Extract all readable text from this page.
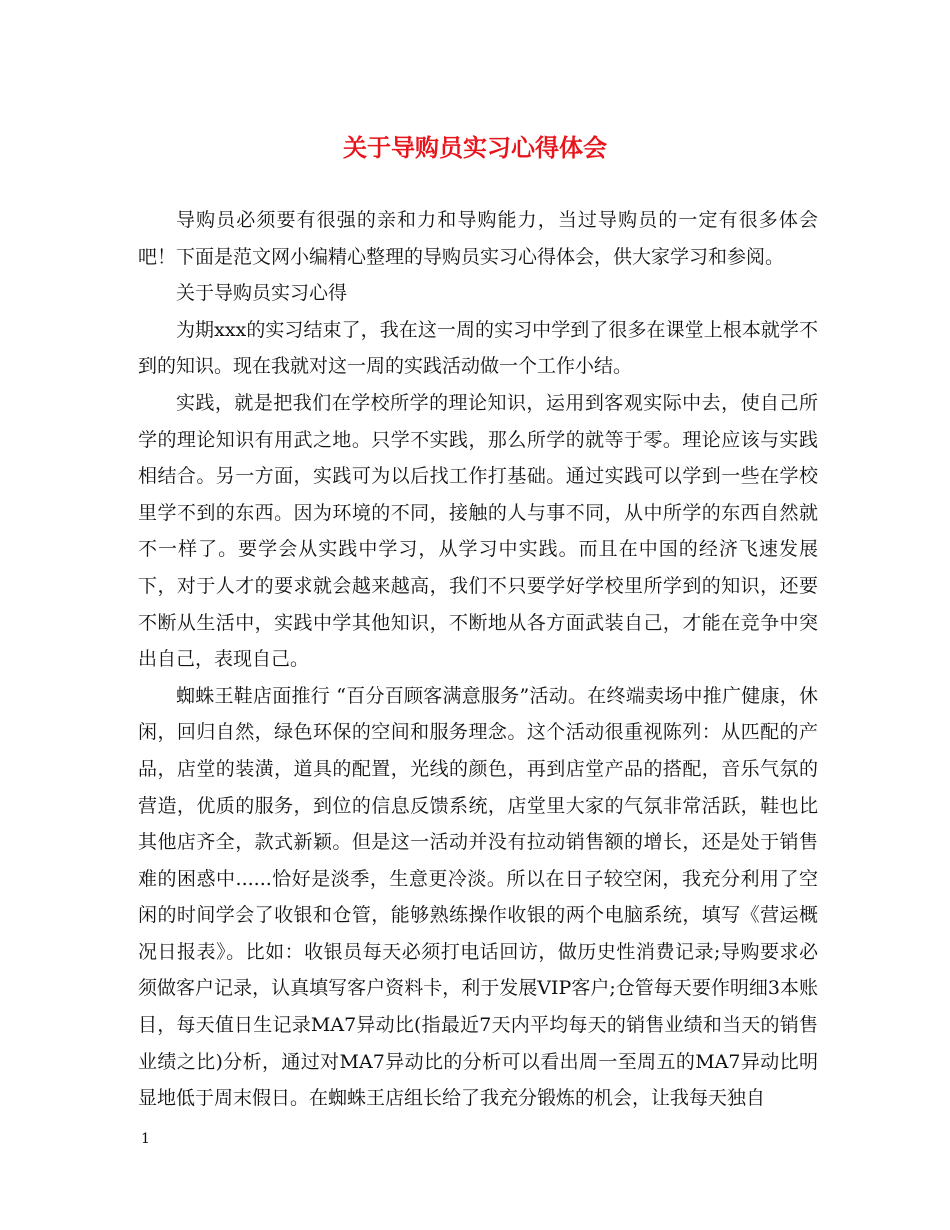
关于导购员实习心得体会

导购员必须要有很强的亲和力和导购能力，当过导购员的一定有很多体会吧！下面是范文网小编精心整理的导购员实习心得体会，供大家学习和参阅。

关于导购员实习心得

为期xxx的实习结束了，我在这一周的实习中学到了很多在课堂上根本就学不到的知识。现在我就对这一周的实践活动做一个工作小结。

实践，就是把我们在学校所学的理论知识，运用到客观实际中去，使自己所学的理论知识有用武之地。只学不实践，那么所学的就等于零。理论应该与实践相结合。另一方面，实践可为以后找工作打基础。通过实践可以学到一些在学校里学不到的东西。因为环境的不同，接触的人与事不同，从中所学的东西自然就不一样了。要学会从实践中学习，从学习中实践。而且在中国的经济飞速发展下，对于人才的要求就会越来越高，我们不只要学好学校里所学到的知识，还要不断从生活中，实践中学其他知识，不断地从各方面武装自己，才能在竞争中突出自己，表现自己。

蜘蛛王鞋店面推行 “百分百顾客满意服务”活动。在终端卖场中推广健康，休闲，回归自然，绿色环保的空间和服务理念。这个活动很重视陈列：从匹配的产品，店堂的装潢，道具的配置，光线的颜色，再到店堂产品的搭配，音乐气氛的营造，优质的服务，到位的信息反馈系统，店堂里大家的气氛非常活跃，鞋也比其他店齐全，款式新颖。但是这一活动并没有拉动销售额的增长，还是处于销售难的困惑中......恰好是淡季，生意更冷淡。所以在日子较空闲，我充分利用了空闲的时间学会了收银和仓管，能够熟练操作收银的两个电脑系统，填写《营运概况日报表》。比如：收银员每天必须打电话回访，做历史性消费记录;导购要求必须做客户记录，认真填写客户资料卡，利于发展VIP客户;仓管每天要作明细3本账目，每天值日生记录MA7异动比(指最近7天内平均每天的销售业绩和当天的销售业绩之比)分析，通过对MA7异动比的分析可以看出周一至周五的MA7异动比明显地低于周末假日。在蜘蛛王店组长给了我充分锻炼的机会，让我每天独自

1
